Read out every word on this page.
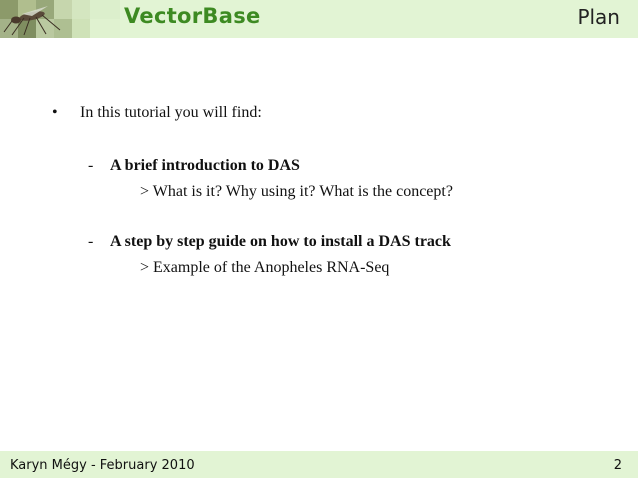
VectorBase	Plan
• In this tutorial you will find:
- A brief introduction to DAS
> What is it? Why using it? What is the concept?
- A step by step guide on how to install a DAS track
> Example of the Anopheles RNA-Seq
Karyn Mégy - February 2010	2
